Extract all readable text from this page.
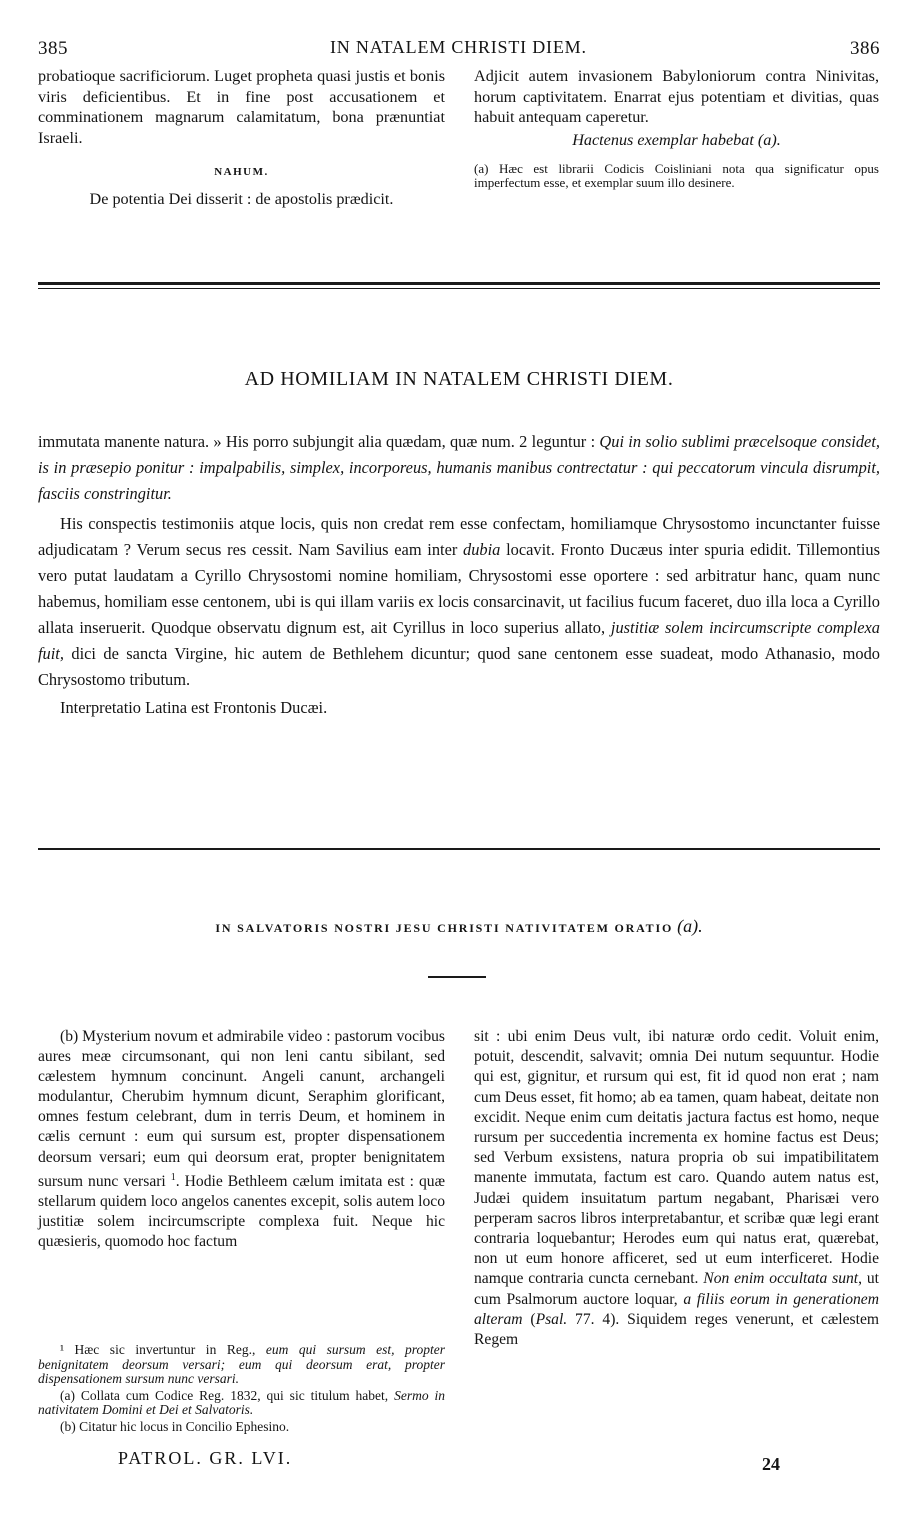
385	IN NATALEM CHRISTI DIEM.	386

probatioque sacrificiorum. Luget propheta quasi justis et bonis viris deficientibus. Et in fine post accusationem et comminationem magnarum calamitatum, bona prænuntiat Israeli.

NAHUM.

De potentia Dei disserit : de apostolis prædicit.

Adjicit autem invasionem Babyloniorum contra Ninivitas, horum captivitatem. Enarrat ejus potentiam et divitias, quas habuit antequam caperetur.

Hactenus exemplar habebat (a).

(a) Hæc est librarii Codicis Coisliniani nota qua significatur opus imperfectum esse, et exemplar suum illo desinere.

AD HOMILIAM IN NATALEM CHRISTI DIEM.

immutata manente natura. » His porro subjungit alia quædam, quæ num. 2 leguntur : Qui in solio sublimi præcelsoque considet, is in præsepio ponitur : impalpabilis, simplex, incorporeus, humanis manibus contrectatur : qui peccatorum vincula disrumpit, fasciis constringitur.

His conspectis testimoniis atque locis, quis non credat rem esse confectam, homiliamque Chrysostomo incunctanter fuisse adjudicatam ? Verum secus res cessit. Nam Savilius eam inter dubia locavit. Fronto Ducæus inter spuria edidit. Tillemontius vero putat laudatam a Cyrillo Chrysostomi nomine homiliam, Chrysostomi esse oportere : sed arbitratur hanc, quam nunc habemus, homiliam esse centonem, ubi is qui illam variis ex locis consarcinavit, ut facilius fucum faceret, duo illa loca a Cyrillo allata inseruerit. Quodque observatu dignum est, ait Cyrillus in loco superius allato, justitiæ solem incircumscripte complexa fuit, dici de sancta Virgine, hic autem de Bethlehem dicuntur; quod sane centonem esse suadeat, modo Athanasio, modo Chrysostomo tributum.

Interpretatio Latina est Frontonis Ducæi.

IN SALVATORIS NOSTRI JESU CHRISTI NATIVITATEM ORATIO (a).

(b) Mysterium novum et admirabile video : pastorum vocibus aures meæ circumsonant, qui non leni cantu sibilant, sed cælestem hymnum concinunt. Angeli canunt, archangeli modulantur, Cherubim hymnum dicunt, Seraphim glorificant, omnes festum celebrant, dum in terris Deum, et hominem in cælis cernunt : eum qui sursum est, propter dispensationem deorsum versari; eum qui deorsum erat, propter benignitatem sursum nunc versari $^1$. Hodie Bethleem cælum imitata est : quæ stellarum quidem loco angelos canentes excepit, solis autem loco justitiæ solem incircumscripte complexa fuit. Neque hic quæsieris, quomodo hoc factum

¹ Hæc sic invertuntur in Reg., eum qui sursum est, propter benignitatem deorsum versari; eum qui deorsum erat, propter dispensationem sursum nunc versari.

(a) Collata cum Codice Reg. 1832, qui sic titulum habet, Sermo in nativitatem Domini et Dei et Salvatoris.

(b) Citatur hic locus in Concilio Ephesino.

PATROL. GR. LVI.

sit : ubi enim Deus vult, ibi naturæ ordo cedit. Voluit enim, potuit, descendit, salvavit; omnia Dei nutum sequuntur. Hodie qui est, gignitur, et rursum qui est, fit id quod non erat ; nam cum Deus esset, fit homo; ab ea tamen, quam habeat, deitate non excidit. Neque enim cum deitatis jactura factus est homo, neque rursum per succedentia incrementa ex homine factus est Deus; sed Verbum exsistens, natura propria ob sui impatibilitatem manente immutata, factum est caro. Quando autem natus est, Judæi quidem insuitatum partum negabant, Pharisæi vero perperam sacros libros interpretabantur, et scribæ quæ legi erant contraria loquebantur; Herodes eum qui natus erat, quærebat, non ut eum honore afficeret, sed ut eum interficeret. Hodie namque contraria cuncta cernebant. Non enim occultata sunt, ut cum Psalmorum auctore loquar, a filiis eorum in generationem alteram (Psal. 77. 4). Siquidem reges venerunt, et cælestem Regem

24
